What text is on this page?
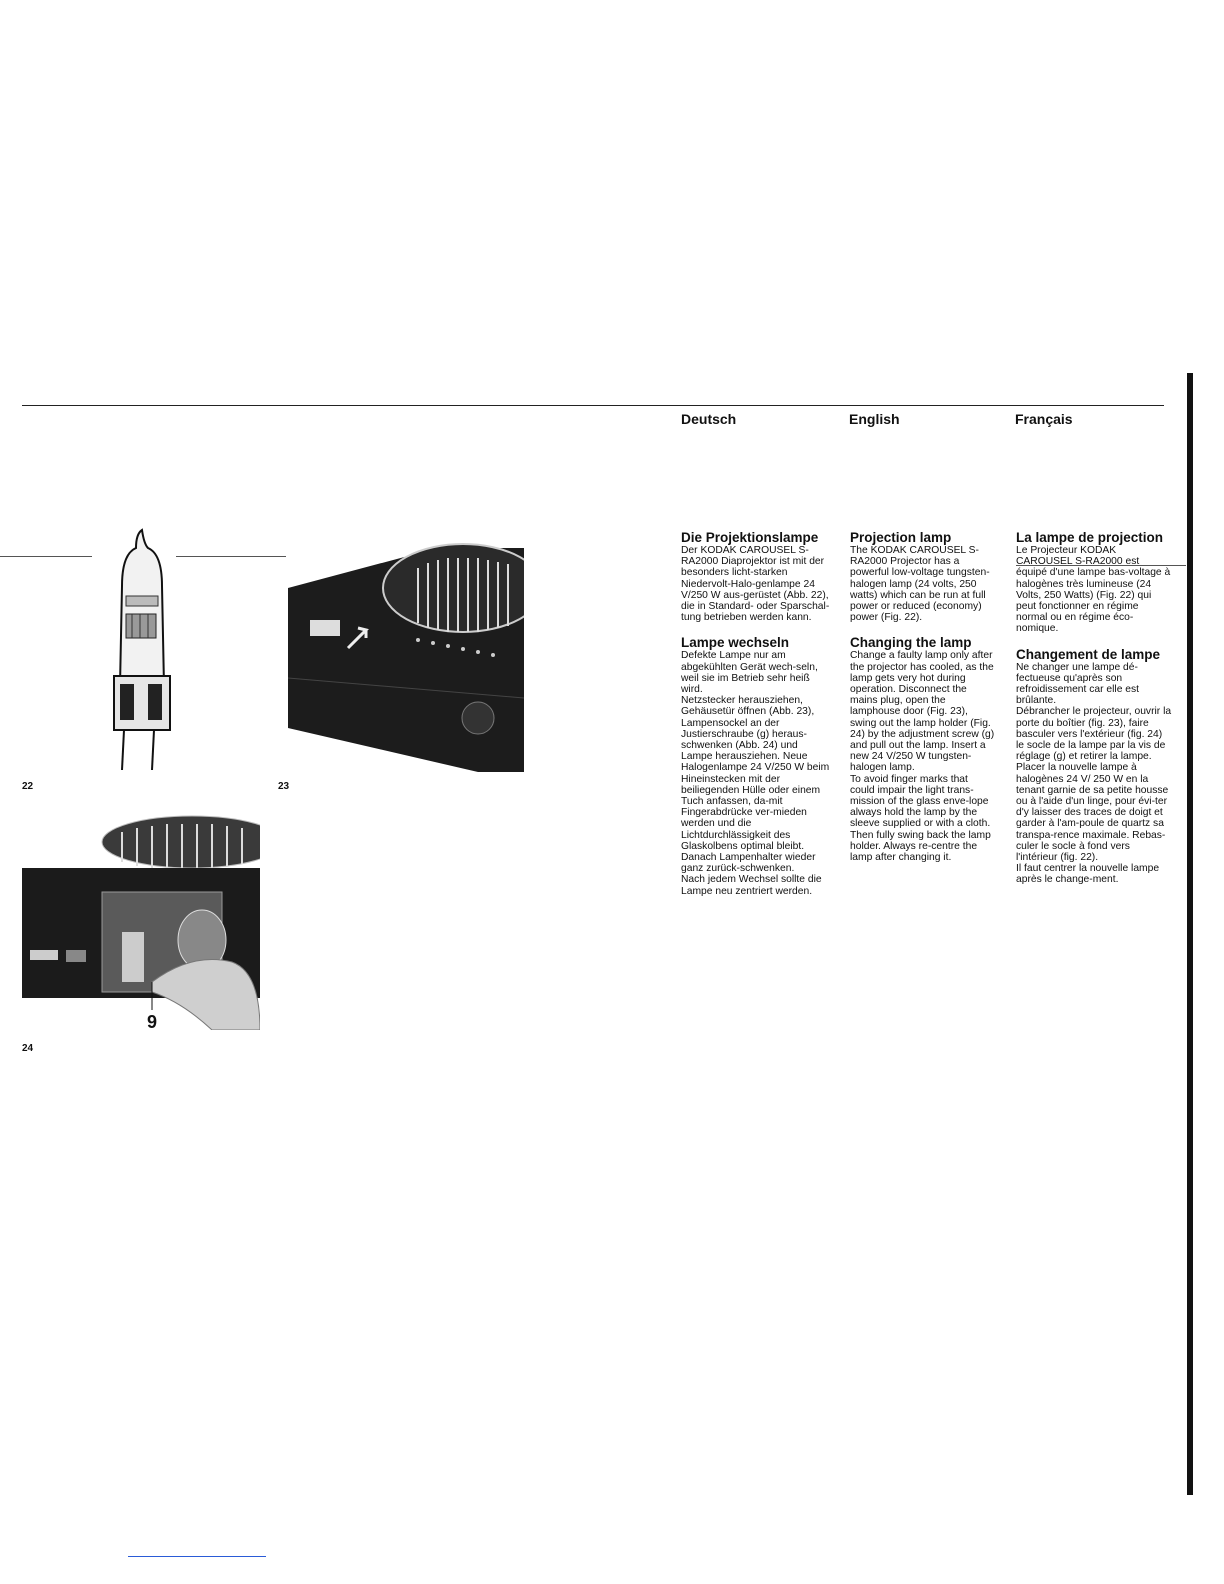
Deutsch	English	Français
22	23
9
24
Die Projektionslampe

Der KODAK CAROUSEL S-RA2000 Diaprojektor ist mit der besonders licht-starken Niedervolt-Halo-genlampe 24 V/250 W aus-gerüstet (Abb. 22), die in Standard- oder Sparschal-tung betrieben werden kann.

Lampe wechseln

Defekte Lampe nur am abgekühlten Gerät wech-seln, weil sie im Betrieb sehr heiß wird.

Netzstecker herausziehen, Gehäusetür öffnen (Abb. 23), Lampensockel an der Justierschraube (g) heraus-schwenken (Abb. 24) und Lampe herausziehen. Neue Halogenlampe 24 V/250 W beim Hineinstecken mit der beiliegenden Hülle oder einem Tuch anfassen, da-mit Fingerabdrücke ver-mieden werden und die Lichtdurchlässigkeit des Glaskolbens optimal bleibt. Danach Lampenhalter wieder ganz zurück-schwenken.

Nach jedem Wechsel sollte die Lampe neu zentriert werden.

Projection lamp

The KODAK CAROUSEL S-RA2000 Projector has a powerful low-voltage tungsten-halogen lamp (24 volts, 250 watts) which can be run at full power or reduced (economy) power (Fig. 22).

Changing the lamp

Change a faulty lamp only after the projector has cooled, as the lamp gets very hot during operation. Disconnect the mains plug, open the lamphouse door (Fig. 23), swing out the lamp holder (Fig. 24) by the adjustment screw (g) and pull out the lamp. Insert a new 24 V/250 W tungsten-halogen lamp.

To avoid finger marks that could impair the light trans-mission of the glass enve-lope always hold the lamp by the sleeve supplied or with a cloth. Then fully swing back the lamp holder. Always re-centre the lamp after changing it.

La lampe de projection

Le Projecteur KODAK CAROUSEL S-RA2000 est équipé d'une lampe bas-voltage à halogènes très lumineuse (24 Volts, 250 Watts) (Fig. 22) qui peut fonctionner en régime normal ou en régime éco-nomique.

Changement de lampe

Ne changer une lampe dé-fectueuse qu'après son refroidissement car elle est brûlante.

Débrancher le projecteur, ouvrir la porte du boîtier (fig. 23), faire basculer vers l'extérieur (fig. 24) le socle de la lampe par la vis de réglage (g) et retirer la lampe. Placer la nouvelle lampe à halogènes 24 V/ 250 W en la tenant garnie de sa petite housse ou à l'aide d'un linge, pour évi-ter d'y laisser des traces de doigt et garder à l'am-poule de quartz sa transpa-rence maximale. Rebas-culer le socle à fond vers l'intérieur (fig. 22).

Il faut centrer la nouvelle lampe après le change-ment.
